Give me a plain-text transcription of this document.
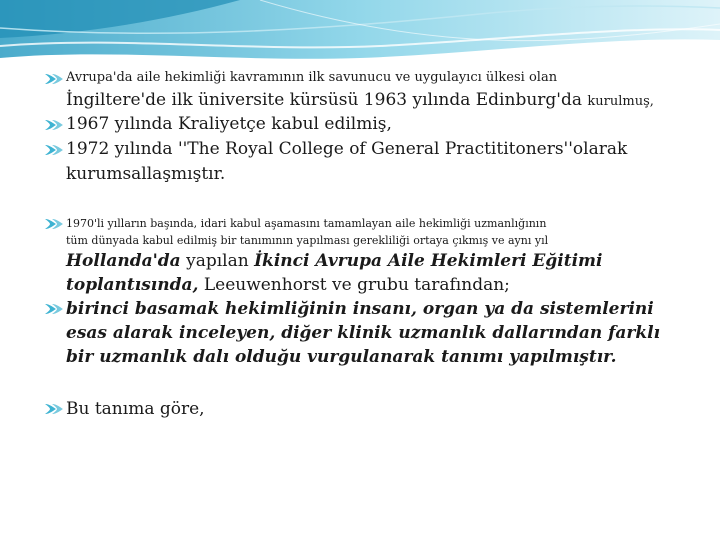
Avrupa'da aile hekimliği kavramının ilk savunucu ve uygulayıcı ülkesi olan
İngiltere'de ilk üniversite kürsüsü 1963 yılında Edinburg'da kurulmuş,
1967 yılında Kraliyetçe kabul edilmiş,
1972 yılında ''The Royal College of General Practititoners''olarak
kurumsallaşmıştır.
1970'li yılların başında, idari kabul aşamasını tamamlayan aile hekimliği uzmanlığının
tüm dünyada kabul edilmiş bir tanımının yapılması gerekliliği ortaya çıkmış ve aynı yıl
Hollanda'da yapılan İkinci Avrupa Aile Hekimleri Eğitimi
toplantısında, Leeuwenhorst ve grubu tarafından;
birinci basamak hekimliğinin insanı, organ ya da sistemlerini
esas alarak inceleyen, diğer klinik uzmanlık dallarından farklı
bir uzmanlık dalı olduğu vurgulanarak tanımı yapılmıştır.
Bu tanıma göre,
